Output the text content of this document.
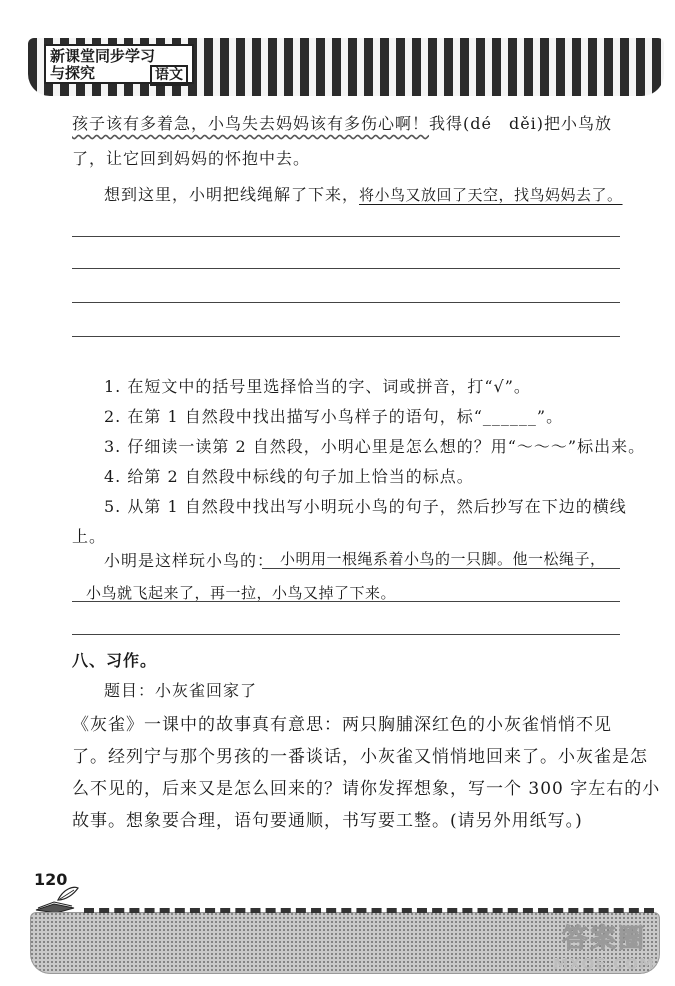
新课堂同步学习
与探究	语文
孩子该有多着急，小鸟失去妈妈该有多伤心啊！我得(dé　děi)把小鸟放
了，让它回到妈妈的怀抱中去。
想到这里，小明把线绳解了下来，将小鸟又放回了天空，找鸟妈妈去了。
1. 在短文中的括号里选择恰当的字、词或拼音，打“√”。
2. 在第 1 自然段中找出描写小鸟样子的语句，标“______”。
3. 仔细读一读第 2 自然段，小明心里是怎么想的？用“～～～”标出来。
4. 给第 2 自然段中标线的句子加上恰当的标点。
5. 从第 1 自然段中找出写小明玩小鸟的句子，然后抄写在下边的横线
上。
小明是这样玩小鸟的： 小明用一根绳系着小鸟的一只脚。他一松绳子，
小鸟就飞起来了，再一拉，小鸟又掉了下来。
八、习作。
题目：小灰雀回家了
《灰雀》一课中的故事真有意思：两只胸脯深红色的小灰雀悄悄不见
了。经列宁与那个男孩的一番谈话，小灰雀又悄悄地回来了。小灰雀是怎
么不见的，后来又是怎么回来的？请你发挥想象，写一个 300 字左右的小
故事。想象要合理，语句要通顺，书写要工整。(请另外用纸写。)
120
答案圈
MXQE.COM
